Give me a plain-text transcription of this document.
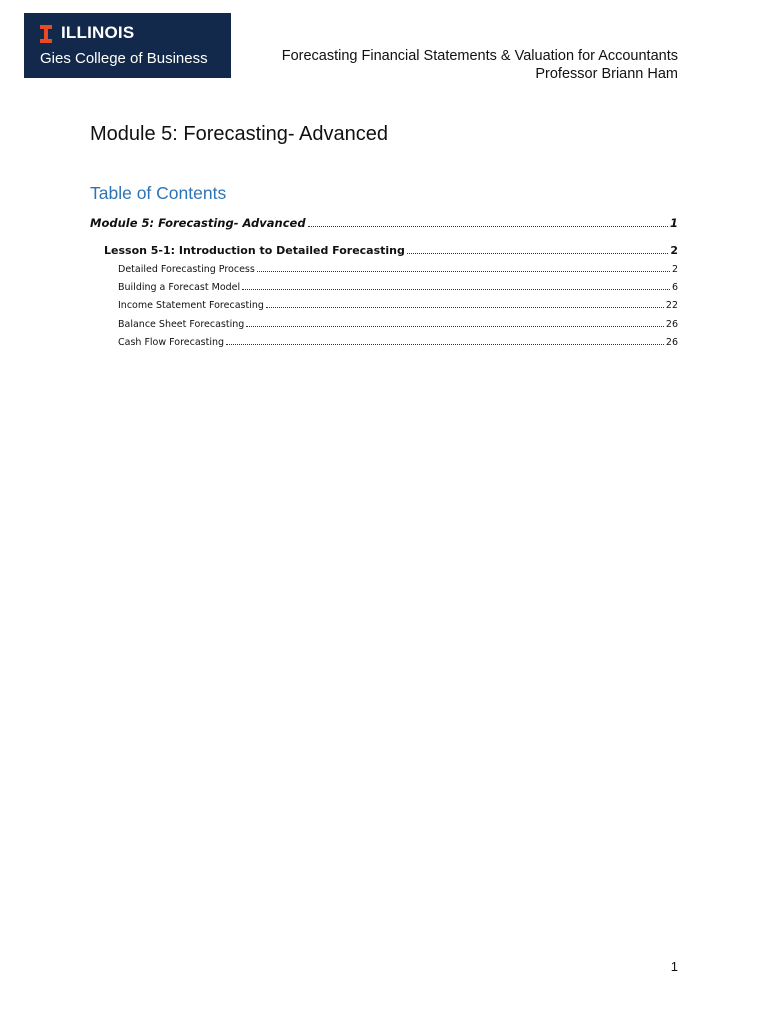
ILLINOIS
Gies College of Business	Forecasting Financial Statements & Valuation for Accountants
Professor Briann Ham
Module 5: Forecasting- Advanced
Table of Contents
Module 5: Forecasting- Advanced	1
Lesson 5-1: Introduction to Detailed Forecasting	2
Detailed Forecasting Process	2
Building a Forecast Model	6
Income Statement Forecasting	22
Balance Sheet Forecasting	26
Cash Flow Forecasting	26
1
